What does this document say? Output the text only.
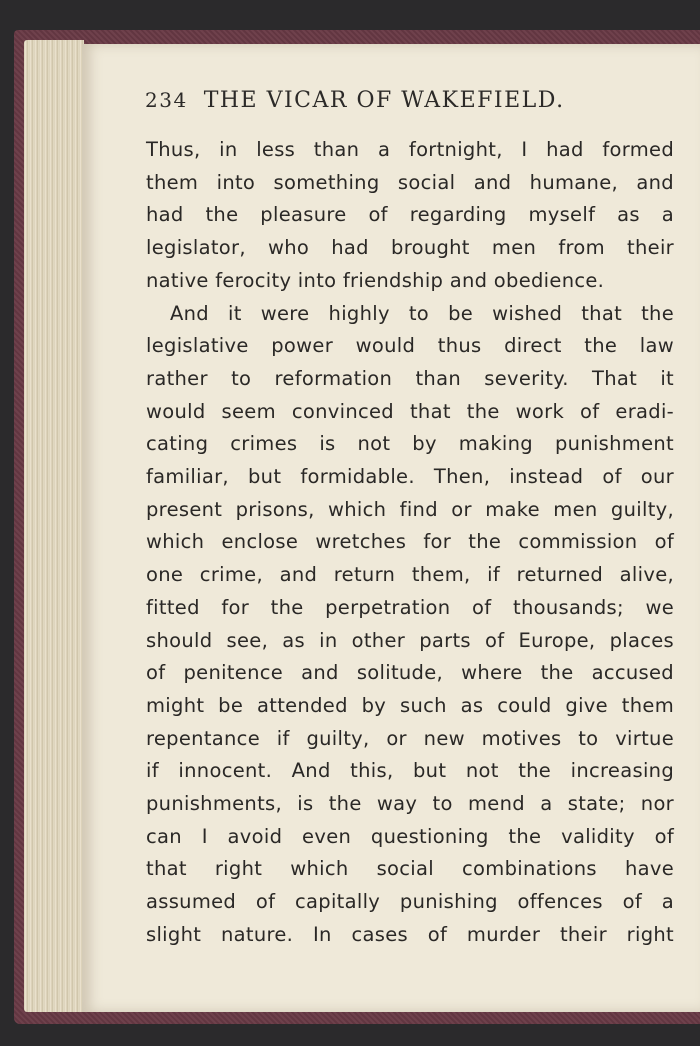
234 THE VICAR OF WAKEFIELD.
Thus, in less than a fortnight, I had formed
them into something social and humane, and
had the pleasure of regarding myself as a
legislator, who had brought men from their
native ferocity into friendship and obedience.
And it were highly to be wished that the
legislative power would thus direct the law
rather to reformation than severity. That it
would seem convinced that the work of eradi-
cating crimes is not by making punishment
familiar, but formidable. Then, instead of our
present prisons, which find or make men guilty,
which enclose wretches for the commission of
one crime, and return them, if returned alive,
fitted for the perpetration of thousands; we
should see, as in other parts of Europe, places
of penitence and solitude, where the accused
might be attended by such as could give them
repentance if guilty, or new motives to virtue
if innocent. And this, but not the increasing
punishments, is the way to mend a state; nor
can I avoid even questioning the validity of
that right which social combinations have
assumed of capitally punishing offences of a
slight nature. In cases of murder their right
